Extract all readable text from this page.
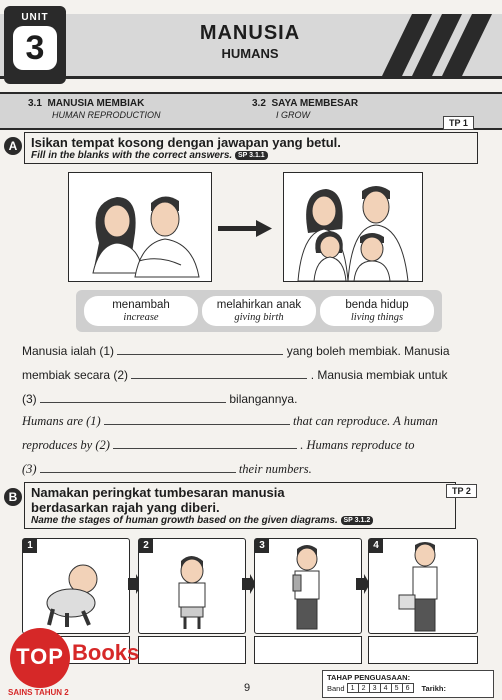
UNIT
3	MANUSIA
HUMANS
3.1 MANUSIA MEMBIAK
HUMAN REPRODUCTION
3.2 SAYA MEMBESAR
I GROW
TP 1
A	Isikan tempat kosong dengan jawapan yang betul.
Fill in the blanks with the correct answers. SP 3.1.1
menambah
increase
melahirkan anak
giving birth
benda hidup
living things
Manusia ialah (1)	yang boleh membiak. Manusia
membiak secara (2)	. Manusia membiak untuk
(3)	bilangannya.
Humans are (1)	that can reproduce. A human
reproduces by (2)	. Humans reproduce to
(3)	their numbers.
B	Namakan peringkat tumbesaran manusia
berdasarkan rajah yang diberi.
Name the stages of human growth based on the given diagrams. SP 3.1.2
TP 2
1	2	3	4
TOP Books
SAINS TAHUN 2	9
TAHAP PENGUASAAN:
Band 1	2	3	4	5	6 Tarikh:
